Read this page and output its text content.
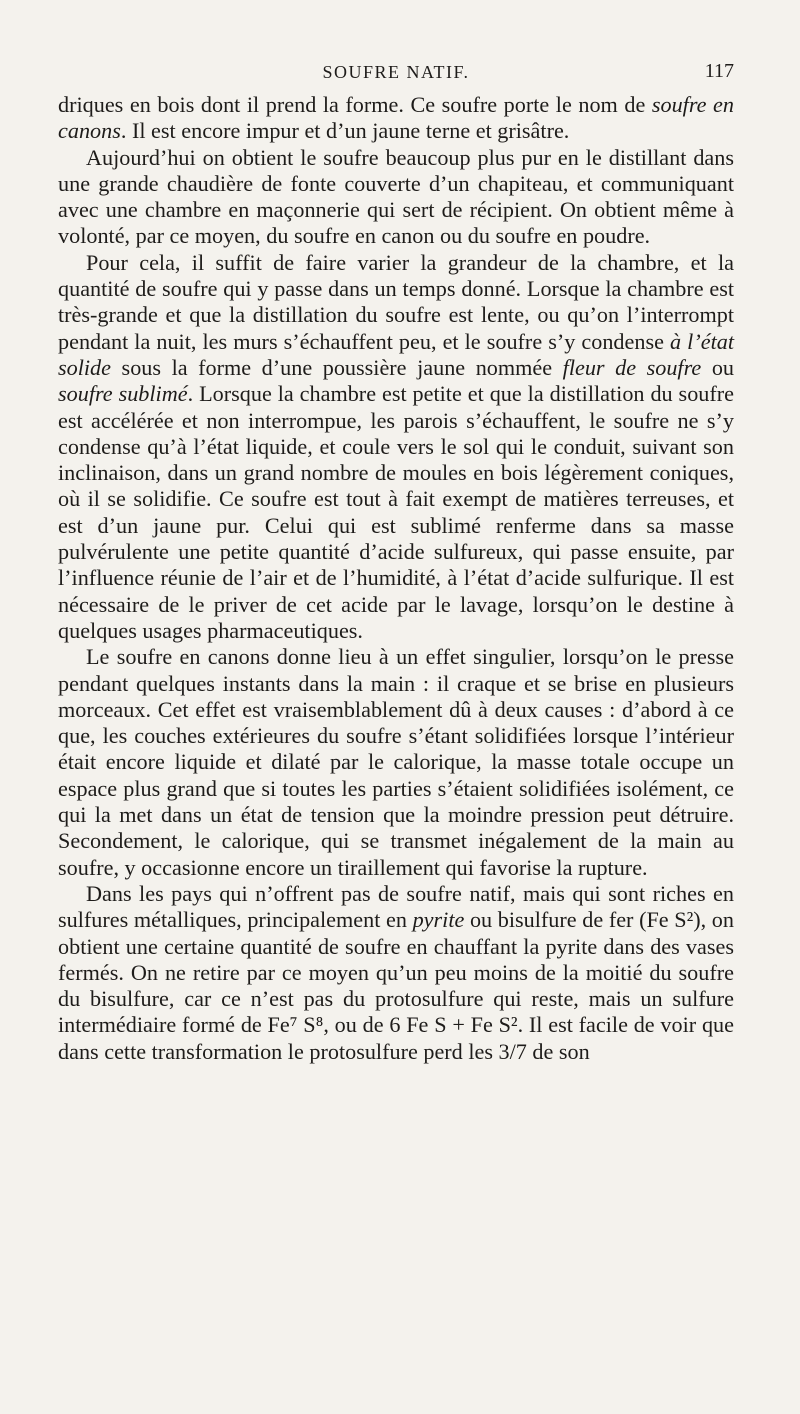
SOUFRE NATIF.	117

driques en bois dont il prend la forme. Ce soufre porte le nom de soufre en canons. Il est encore impur et d’un jaune terne et grisâtre.

Aujourd’hui on obtient le soufre beaucoup plus pur en le distillant dans une grande chaudière de fonte couverte d’un chapiteau, et communiquant avec une chambre en maçonnerie qui sert de récipient. On obtient même à volonté, par ce moyen, du soufre en canon ou du soufre en poudre.

Pour cela, il suffit de faire varier la grandeur de la chambre, et la quantité de soufre qui y passe dans un temps donné. Lorsque la chambre est très-grande et que la distillation du soufre est lente, ou qu’on l’interrompt pendant la nuit, les murs s’échauffent peu, et le soufre s’y condense à l’état solide sous la forme d’une poussière jaune nommée fleur de soufre ou soufre sublimé. Lorsque la chambre est petite et que la distillation du soufre est accélérée et non interrompue, les parois s’échauffent, le soufre ne s’y condense qu’à l’état liquide, et coule vers le sol qui le conduit, suivant son inclinaison, dans un grand nombre de moules en bois légèrement coniques, où il se solidifie. Ce soufre est tout à fait exempt de matières terreuses, et est d’un jaune pur. Celui qui est sublimé renferme dans sa masse pulvérulente une petite quantité d’acide sulfureux, qui passe ensuite, par l’influence réunie de l’air et de l’humidité, à l’état d’acide sulfurique. Il est nécessaire de le priver de cet acide par le lavage, lorsqu’on le destine à quelques usages pharmaceutiques.

Le soufre en canons donne lieu à un effet singulier, lorsqu’on le presse pendant quelques instants dans la main : il craque et se brise en plusieurs morceaux. Cet effet est vraisemblablement dû à deux causes : d’abord à ce que, les couches extérieures du soufre s’étant solidifiées lorsque l’intérieur était encore liquide et dilaté par le calorique, la masse totale occupe un espace plus grand que si toutes les parties s’étaient solidifiées isolément, ce qui la met dans un état de tension que la moindre pression peut détruire. Secondement, le calorique, qui se transmet inégalement de la main au soufre, y occasionne encore un tiraillement qui favorise la rupture.

Dans les pays qui n’offrent pas de soufre natif, mais qui sont riches en sulfures métalliques, principalement en pyrite ou bisulfure de fer (Fe S²), on obtient une certaine quantité de soufre en chauffant la pyrite dans des vases fermés. On ne retire par ce moyen qu’un peu moins de la moitié du soufre du bisulfure, car ce n’est pas du protosulfure qui reste, mais un sulfure intermédiaire formé de Fe⁷ S⁸, ou de 6 Fe S + Fe S². Il est facile de voir que dans cette transformation le protosulfure perd les 3/7 de son
